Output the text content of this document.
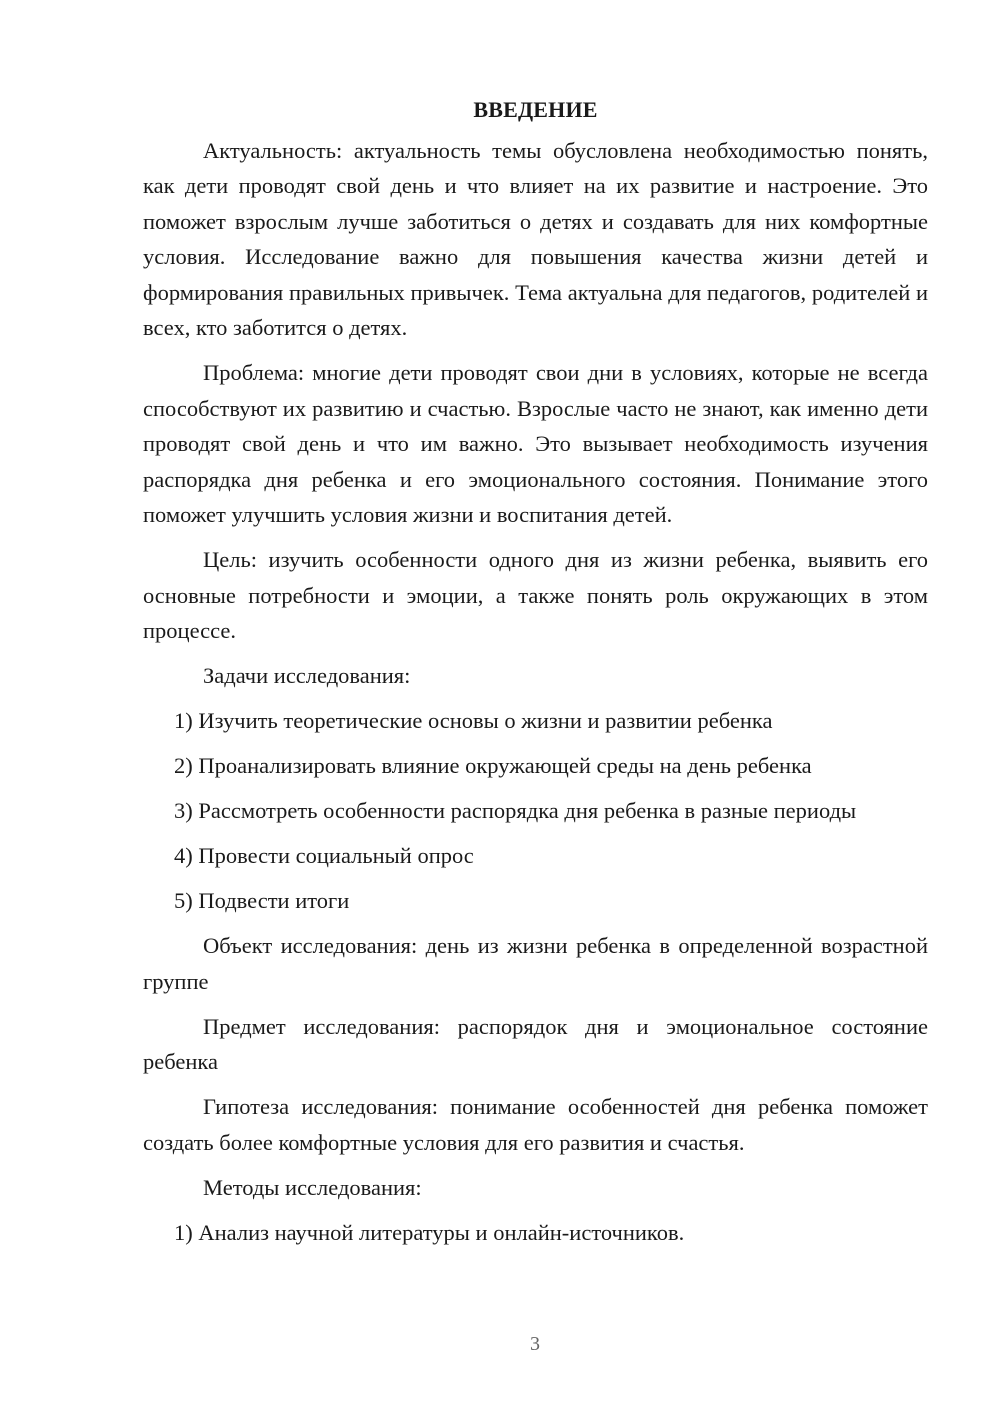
ВВЕДЕНИЕ

Актуальность: актуальность темы обусловлена необходимостью понять, как дети проводят свой день и что влияет на их развитие и настроение. Это поможет взрослым лучше заботиться о детях и создавать для них комфортные условия. Исследование важно для повышения качества жизни детей и формирования правильных привычек. Тема актуальна для педагогов, родителей и всех, кто заботится о детях.

Проблема: многие дети проводят свои дни в условиях, которые не всегда способствуют их развитию и счастью. Взрослые часто не знают, как именно дети проводят свой день и что им важно. Это вызывает необходимость изучения распорядка дня ребенка и его эмоционального состояния. Понимание этого поможет улучшить условия жизни и воспитания детей.

Цель: изучить особенности одного дня из жизни ребенка, выявить его основные потребности и эмоции, а также понять роль окружающих в этом процессе.

Задачи исследования:

1) Изучить теоретические основы о жизни и развитии ребенка

2) Проанализировать влияние окружающей среды на день ребенка

3) Рассмотреть особенности распорядка дня ребенка в разные периоды

4) Провести социальный опрос

5) Подвести итоги

Объект исследования: день из жизни ребенка в определенной возрастной группе

Предмет исследования: распорядок дня и эмоциональное состояние ребенка

Гипотеза исследования: понимание особенностей дня ребенка поможет создать более комфортные условия для его развития и счастья.

Методы исследования:

1) Анализ научной литературы и онлайн-источников.

3
